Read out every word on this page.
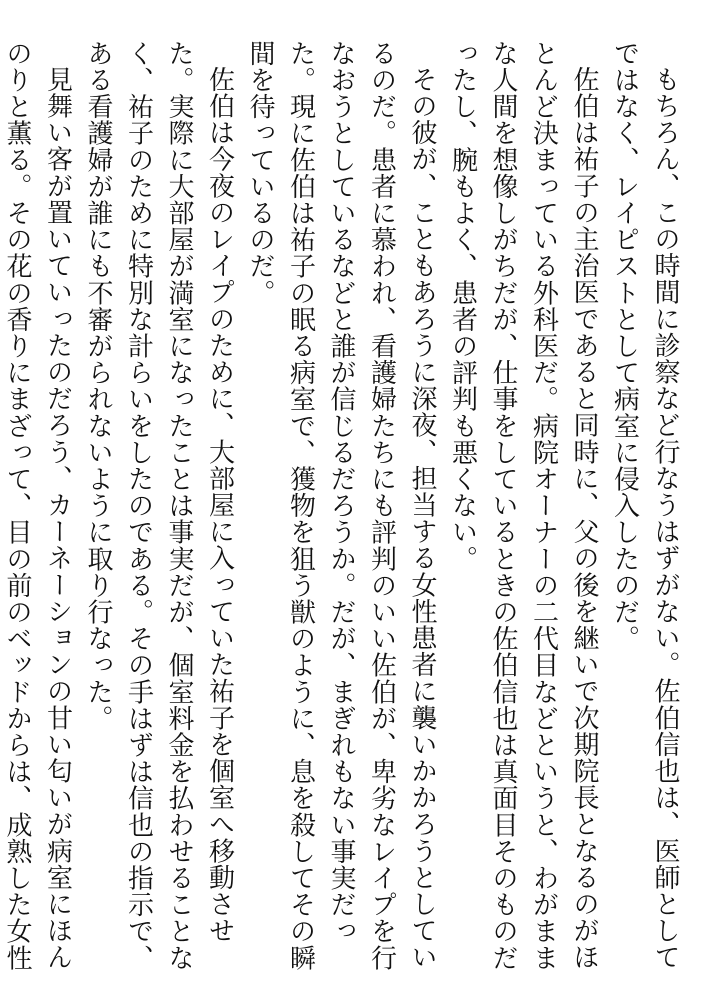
もちろん、この時間に診察など行なうはずがない。佐伯信也は、医師としてではなく、レイピストとして病室に侵入したのだ。

佐伯は祐子の主治医であると同時に、父の後を継いで次期院長となるのがほとんど決まっている外科医だ。病院オーナーの二代目などというと、わがままな人間を想像しがちだが、仕事をしているときの佐伯信也は真面目そのものだったし、腕もよく、患者の評判も悪くない。

その彼が、こともあろうに深夜、担当する女性患者に襲いかかろうとしているのだ。患者に慕われ、看護婦たちにも評判のいい佐伯が、卑劣なレイプを行なおうとしているなどと誰が信じるだろうか。だが、まぎれもない事実だった。現に佐伯は祐子の眠る病室で、獲物を狙う獣のように、息を殺してその瞬間を待っているのだ。

佐伯は今夜のレイプのために、大部屋に入っていた祐子を個室へ移動させた。実際に大部屋が満室になったことは事実だが、個室料金を払わせることなく、祐子のために特別な計らいをしたのである。その手はずは信也の指示で、ある看護婦が誰にも不審がられないように取り行なった。

見舞い客が置いていったのだろう、カーネーションの甘い匂いが病室にほんのりと薫る。その花の香りにまざって、目の前のベッドからは、成熟した女性
